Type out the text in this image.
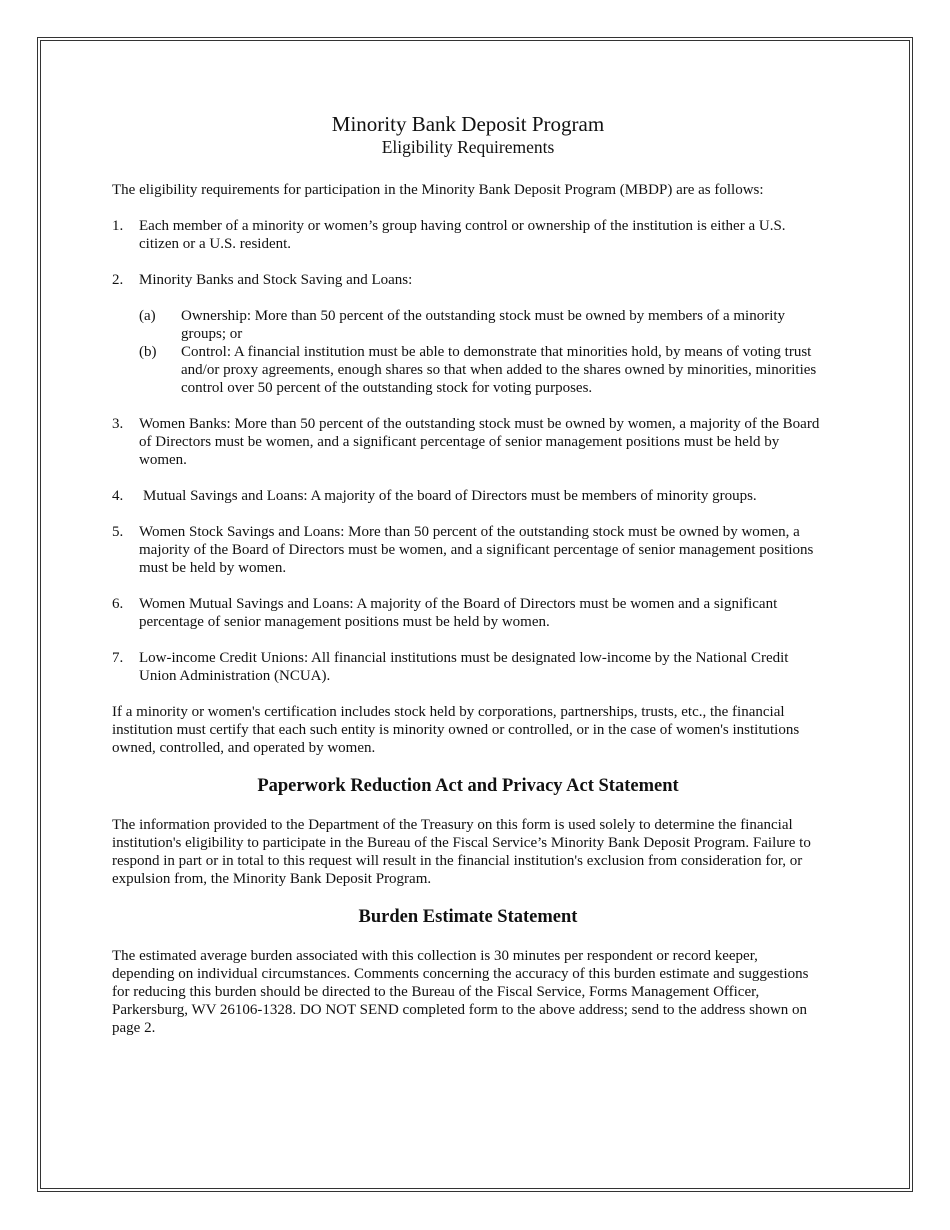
Minority Bank Deposit Program
Eligibility Requirements

The eligibility requirements for participation in the Minority Bank Deposit Program (MBDP) are as follows:

1.	Each member of a minority or women’s group having control or ownership of the institution is either a U.S. citizen or a U.S. resident.
2.	Minority Banks and Stock Saving and Loans:
(a)	Ownership: More than 50 percent of the outstanding stock must be owned by members of a minority groups; or
(b)	Control: A financial institution must be able to demonstrate that minorities hold, by means of voting trust and/or proxy agreements, enough shares so that when added to the shares owned by minorities, minorities control over 50 percent of the outstanding stock for voting purposes.
3.	Women Banks: More than 50 percent of the outstanding stock must be owned by women, a majority of the Board of Directors must be women, and a significant percentage of senior management positions must be held by women.
4.	Mutual Savings and Loans: A majority of the board of Directors must be members of minority groups.
5.	Women Stock Savings and Loans: More than 50 percent of the outstanding stock must be owned by women, a majority of the Board of Directors must be women, and a significant percentage of senior management positions must be held by women.
6.	Women Mutual Savings and Loans: A majority of the Board of Directors must be women and a significant percentage of senior management positions must be held by women.
7.	Low-income Credit Unions: All financial institutions must be designated low-income by the National Credit Union Administration (NCUA).

If a minority or women's certification includes stock held by corporations, partnerships, trusts, etc., the financial institution must certify that each such entity is minority owned or controlled, or in the case of women's institutions owned, controlled, and operated by women.

Paperwork Reduction Act and Privacy Act Statement

The information provided to the Department of the Treasury on this form is used solely to determine the financial institution's eligibility to participate in the Bureau of the Fiscal Service’s Minority Bank Deposit Program. Failure to respond in part or in total to this request will result in the financial institution's exclusion from consideration for, or expulsion from, the Minority Bank Deposit Program.

Burden Estimate Statement

The estimated average burden associated with this collection is 30 minutes per respondent or record keeper, depending on individual circumstances. Comments concerning the accuracy of this burden estimate and suggestions for reducing this burden should be directed to the Bureau of the Fiscal Service, Forms Management Officer, Parkersburg, WV 26106-1328. DO NOT SEND completed form to the above address; send to the address shown on page 2.
